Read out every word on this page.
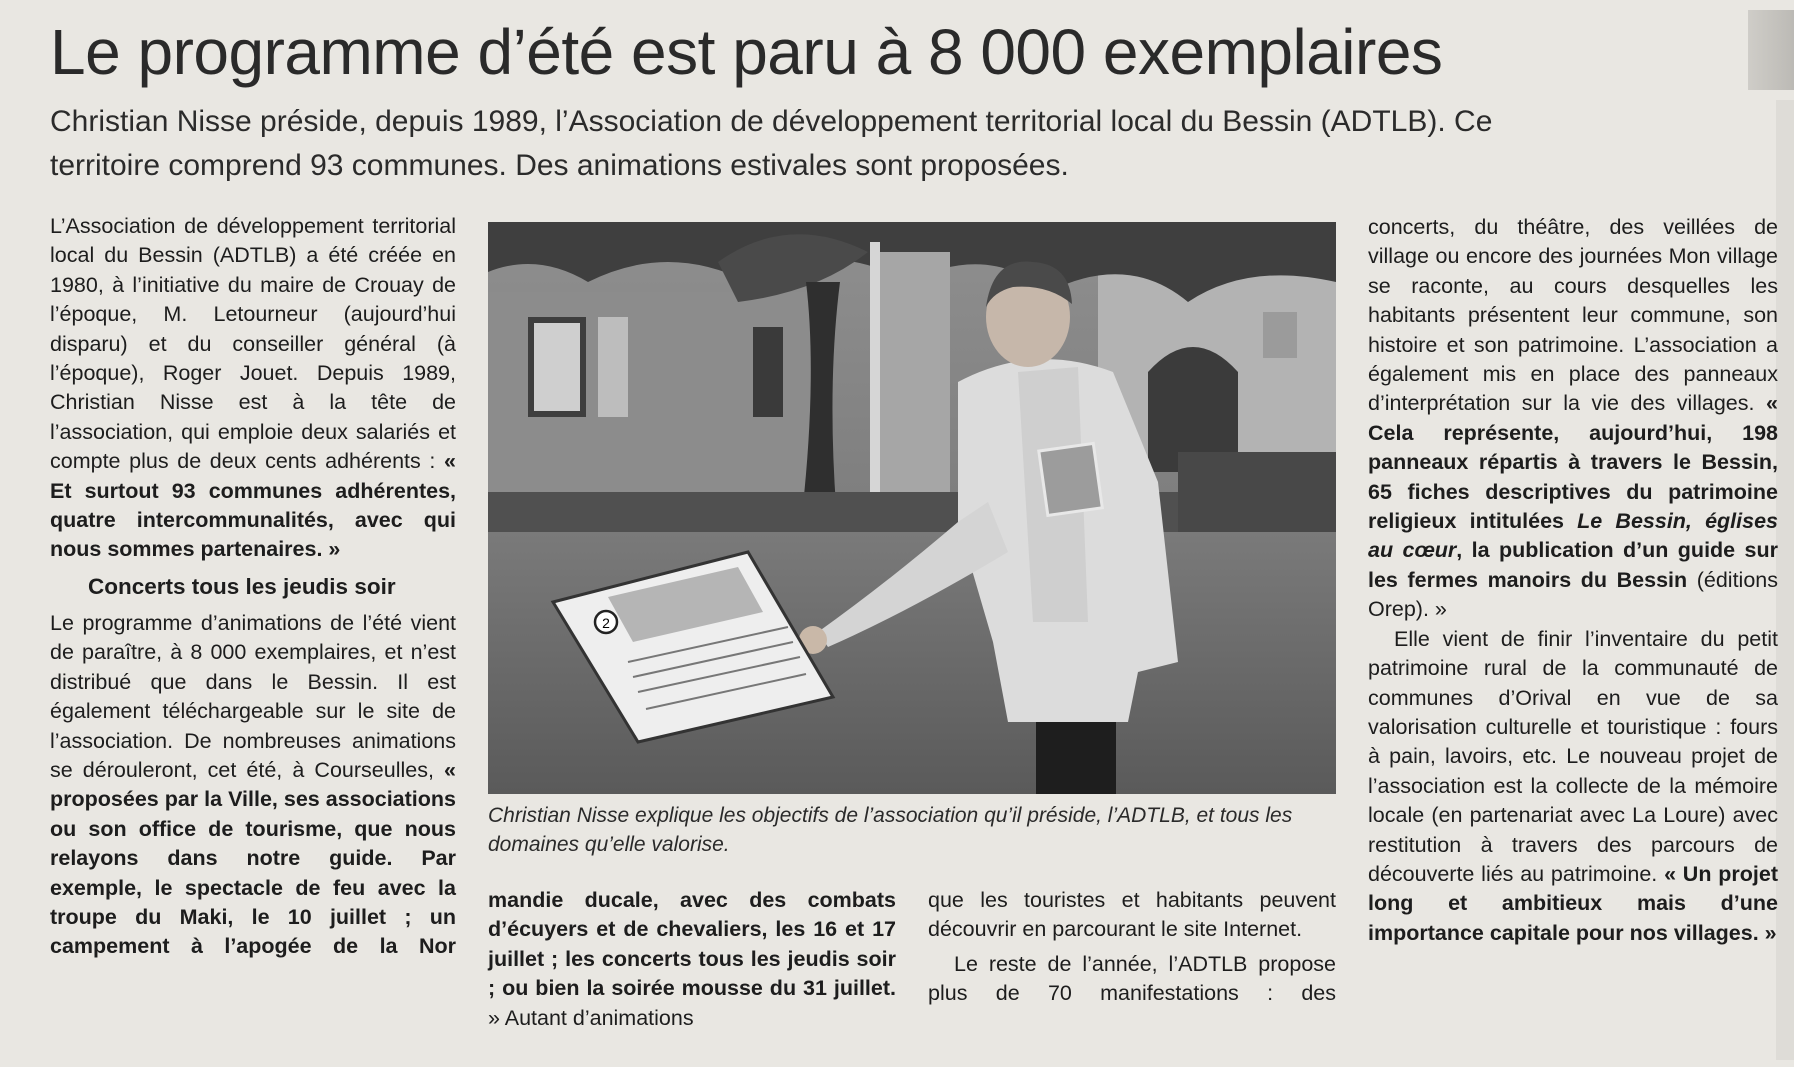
Le programme d’été est paru à 8 000 exemplaires

Christian Nisse préside, depuis 1989, l’Association de développement territorial local du Bessin (ADTLB). Ce territoire comprend 93 communes. Des animations estivales sont proposées.

L’Association de développement territorial local du Bessin (ADTLB) a été créée en 1980, à l’initiative du maire de Crouay de l’époque, M. Letourneur (aujourd’hui disparu) et du conseiller général (à l’époque), Roger Jouet. Depuis 1989, Christian Nisse est à la tête de l’association, qui emploie deux salariés et compte plus de deux cents adhérents : « Et surtout 93 communes adhérentes, quatre intercommunalités, avec qui nous sommes partenaires. »

Concerts tous les jeudis soir

Le programme d’animations de l’été vient de paraître, à 8 000 exemplaires, et n’est distribué que dans le Bessin. Il est également téléchargeable sur le site de l’association. De nombreuses animations se dérouleront, cet été, à Courseulles, « proposées par la Ville, ses associations ou son office de tourisme, que nous relayons dans notre guide. Par exemple, le spectacle de feu avec la troupe du Maki, le 10 juillet ; un campement à l’apogée de la Nor

2
Christian Nisse explique les objectifs de l’association qu’il préside, l’ADTLB, et tous les domaines qu’elle valorise.

mandie ducale, avec des combats d’écuyers et de chevaliers, les 16 et 17 juillet ; les concerts tous les jeudis soir ; ou bien la soirée mousse du 31 juillet. » Autant d’animations

que les touristes et habitants peuvent découvrir en parcourant le site Internet.

Le reste de l’année, l’ADTLB propose plus de 70 manifestations : des

concerts, du théâtre, des veillées de village ou encore des journées Mon village se raconte, au cours desquelles les habitants présentent leur commune, son histoire et son patrimoine. L’association a également mis en place des panneaux d’interprétation sur la vie des villages. « Cela représente, aujourd’hui, 198 panneaux répartis à travers le Bessin, 65 fiches descriptives du patrimoine religieux intitulées Le Bessin, églises au cœur, la publication d’un guide sur les fermes manoirs du Bessin (éditions Orep). »

Elle vient de finir l’inventaire du petit patrimoine rural de la communauté de communes d’Orival en vue de sa valorisation culturelle et touristique : fours à pain, lavoirs, etc. Le nouveau projet de l’association est la collecte de la mémoire locale (en partenariat avec La Loure) avec restitution à travers des parcours de découverte liés au patrimoine. « Un projet long et ambitieux mais d’une importance capitale pour nos villages. »
